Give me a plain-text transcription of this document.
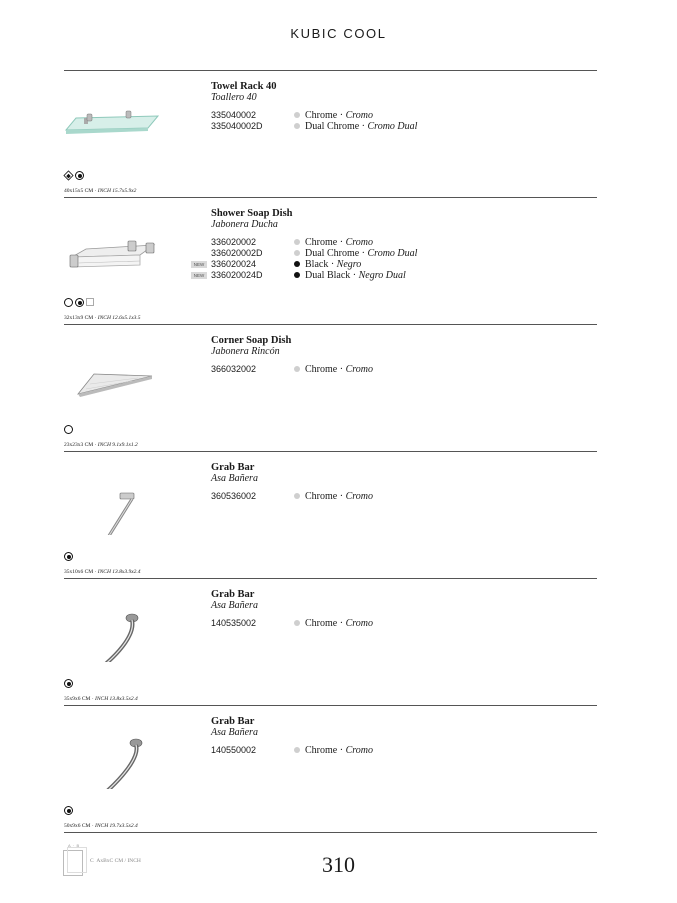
KUBIC COOL
Towel Rack 40
Toallero 40
335040002	Chrome · Cromo
335040002D	Dual Chrome · Cromo Dual
40x15x5 CM · INCH 15.7x5.9x2
Shower Soap Dish
Jabonera Ducha
336020002	Chrome · Cromo
336020002D	Dual Chrome · Cromo Dual
NEW 336020024	Black · Negro
NEW 336020024D	Dual Black · Negro Dual
32x13x9 CM · INCH 12.6x5.1x3.5
Corner Soap Dish
Jabonera Rincón
366032002	Chrome · Cromo
23x23x3 CM · INCH 9.1x9.1x1.2
Grab Bar
Asa Bañera
360536002	Chrome · Cromo
35x10x6 CM · INCH 13.8x3.9x2.4
Grab Bar
Asa Bañera
140535002	Chrome · Cromo
35x9x6 CM · INCH 13.8x3.5x2.4
Grab Bar
Asa Bañera
140550002	Chrome · Cromo
50x9x6 CM · INCH 19.7x3.5x2.4
A  ·  B
C AxBxC CM / INCH	310
